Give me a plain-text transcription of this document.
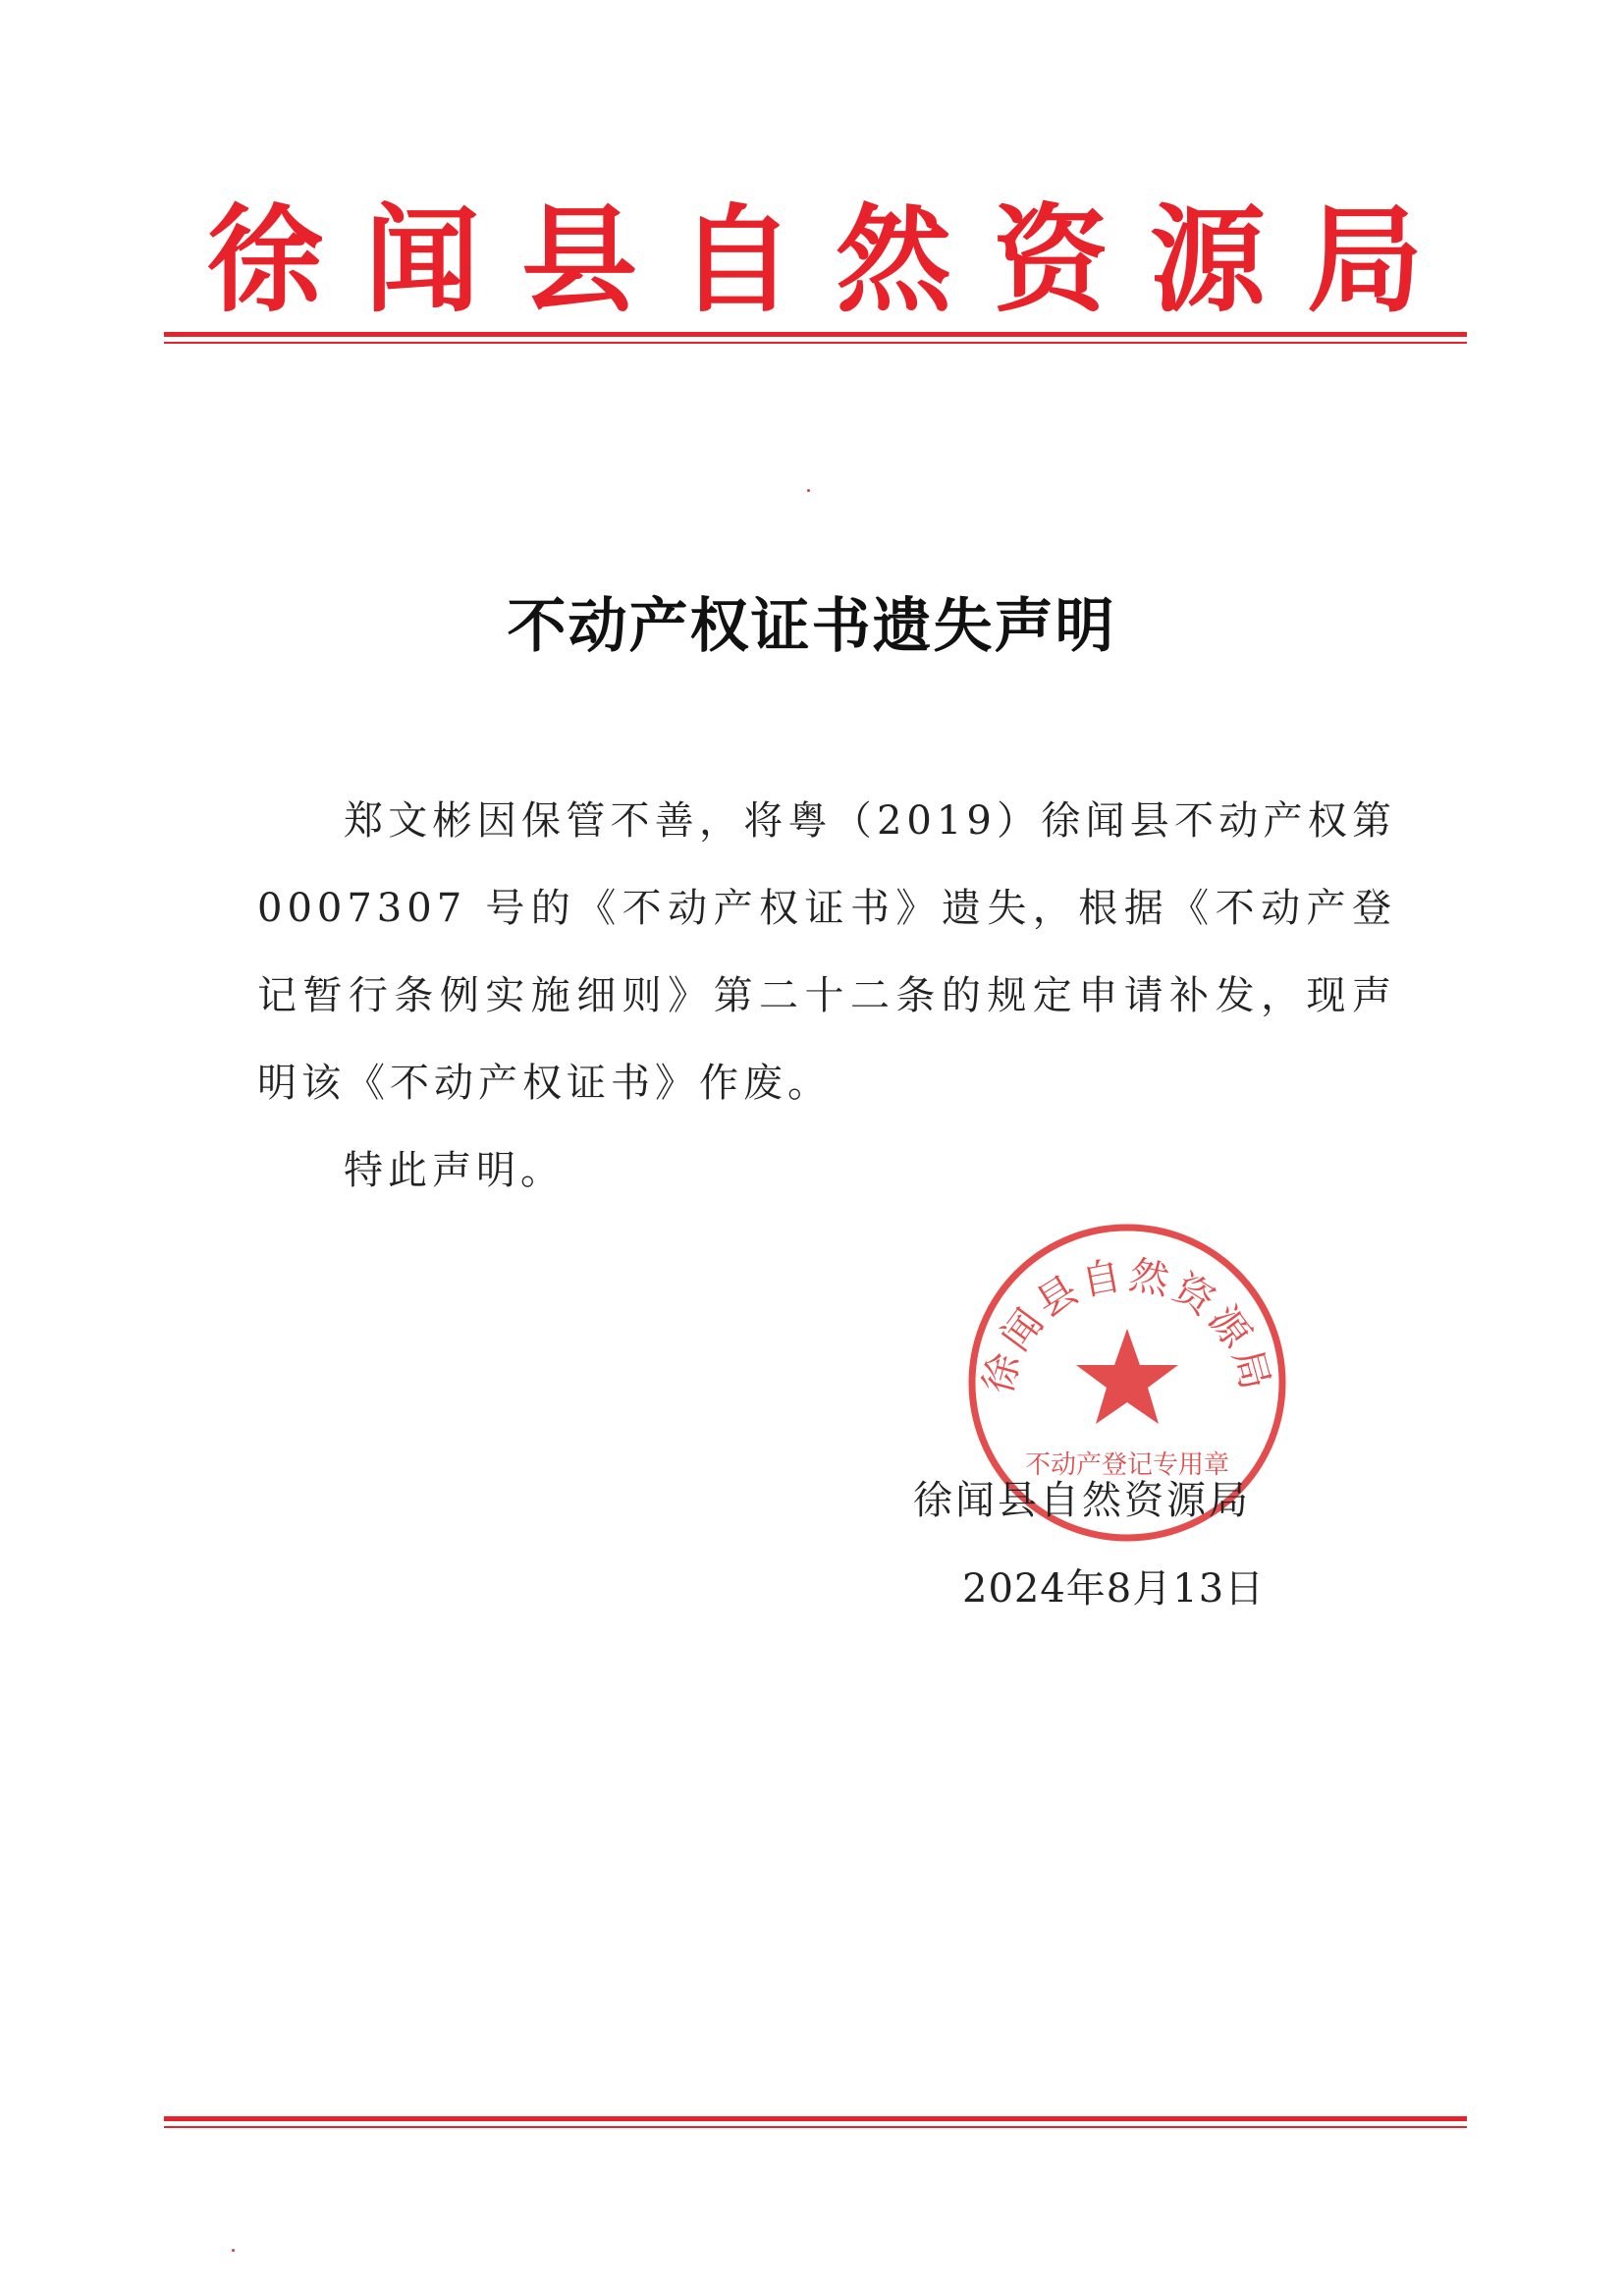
徐闻县自然资源局
不动产权证书遗失声明

郑文彬因保管不善，将粤（2019）徐闻县不动产权第0007307 号的《不动产权证书》遗失，根据《不动产登记暂行条例实施细则》第二十二条的规定申请补发，现声明该《不动产权证书》作废。

特此声明。

徐闻县自然资源局
不动产登记专用章
徐闻县自然资源局
2024年8月13日
